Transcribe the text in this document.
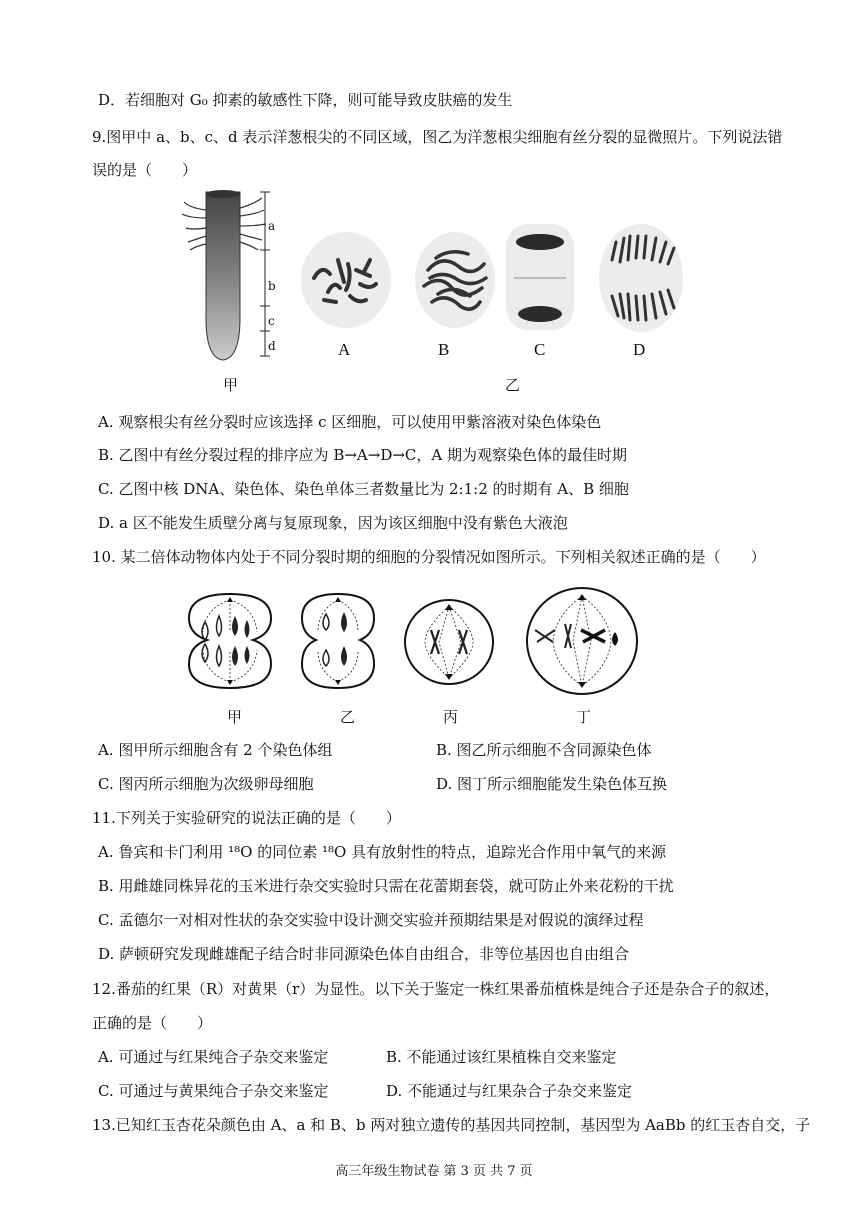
D．若细胞对 G₀ 抑素的敏感性下降，则可能导致皮肤癌的发生
9.图甲中 a、b、c、d 表示洋葱根尖的不同区域，图乙为洋葱根尖细胞有丝分裂的显微照片。下列说法错
误的是（　　）
a
b
c
d	A	B	C	D
甲	乙
A. 观察根尖有丝分裂时应该选择 c 区细胞，可以使用甲紫溶液对染色体染色
B. 乙图中有丝分裂过程的排序应为 B→A→D→C，A 期为观察染色体的最佳时期
C. 乙图中核 DNA、染色体、染色单体三者数量比为 2:1:2 的时期有 A、B 细胞
D. a 区不能发生质壁分离与复原现象，因为该区细胞中没有紫色大液泡
10. 某二倍体动物体内处于不同分裂时期的细胞的分裂情况如图所示。下列相关叙述正确的是（　　）
甲	乙	丙	丁
A. 图甲所示细胞含有 2 个染色体组	B. 图乙所示细胞不含同源染色体
C. 图丙所示细胞为次级卵母细胞	D. 图丁所示细胞能发生染色体互换
11.下列关于实验研究的说法正确的是（　　）
A. 鲁宾和卡门利用 ¹⁸O 的同位素 ¹⁸O 具有放射性的特点，追踪光合作用中氧气的来源
B. 用雌雄同株异花的玉米进行杂交实验时只需在花蕾期套袋，就可防止外来花粉的干扰
C. 孟德尔一对相对性状的杂交实验中设计测交实验并预期结果是对假说的演绎过程
D. 萨顿研究发现雌雄配子结合时非同源染色体自由组合，非等位基因也自由组合
12.番茄的红果（R）对黄果（r）为显性。以下关于鉴定一株红果番茄植株是纯合子还是杂合子的叙述，
正确的是（　　）
A. 可通过与红果纯合子杂交来鉴定	B. 不能通过该红果植株自交来鉴定
C. 可通过与黄果纯合子杂交来鉴定	D. 不能通过与红果杂合子杂交来鉴定
13.已知红玉杏花朵颜色由 A、a 和 B、b 两对独立遗传的基因共同控制，基因型为 AaBb 的红玉杏自交，子
高三年级生物试卷 第 3 页 共 7 页
